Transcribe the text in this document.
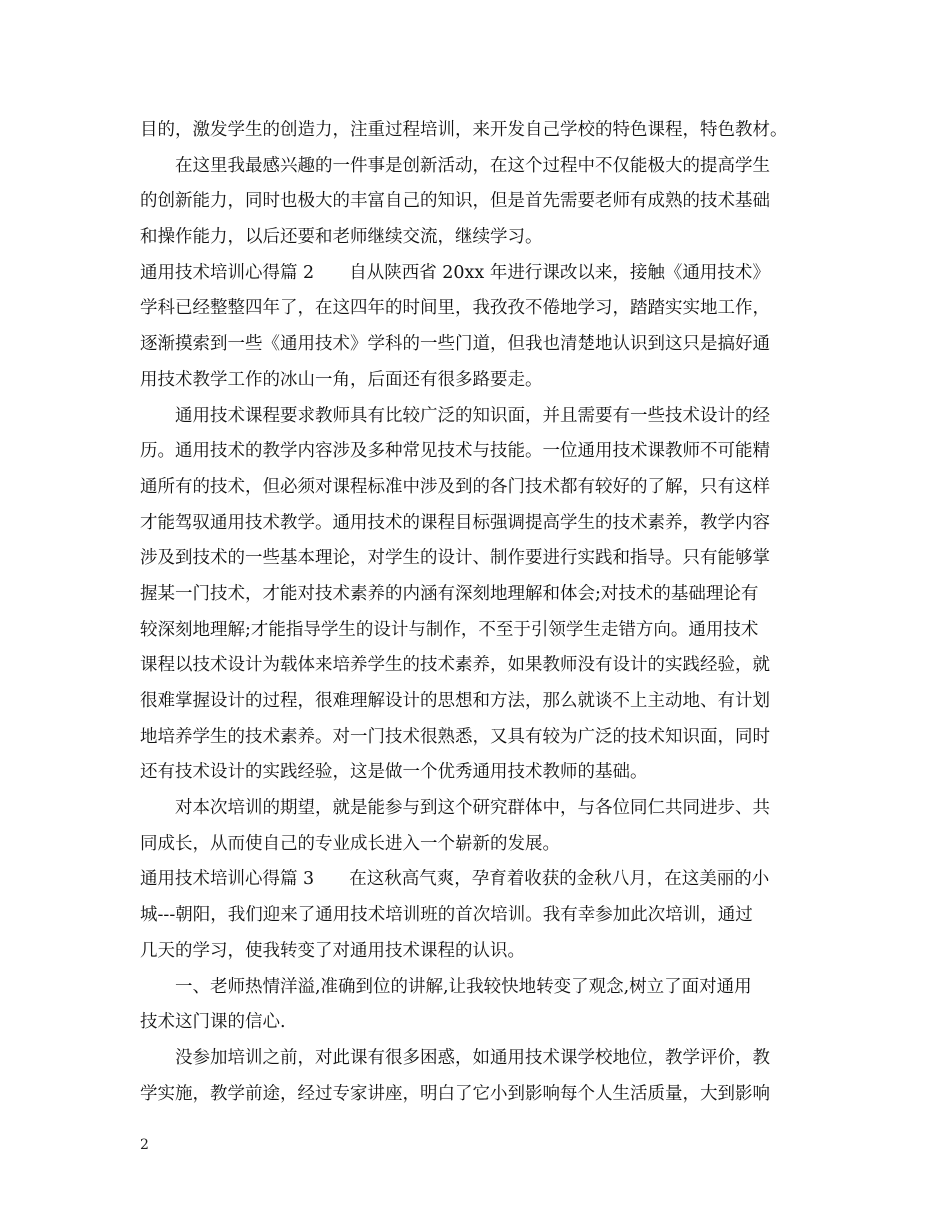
目的，激发学生的创造力，注重过程培训，来开发自己学校的特色课程，特色教材。
在这里我最感兴趣的一件事是创新活动，在这个过程中不仅能极大的提高学生
的创新能力，同时也极大的丰富自己的知识，但是首先需要老师有成熟的技术基础
和操作能力，以后还要和老师继续交流，继续学习。
通用技术培训心得篇 2　　自从陕西省 20xx 年进行课改以来，接触《通用技术》
学科已经整整四年了，在这四年的时间里，我孜孜不倦地学习，踏踏实实地工作，
逐渐摸索到一些《通用技术》学科的一些门道，但我也清楚地认识到这只是搞好通
用技术教学工作的冰山一角，后面还有很多路要走。
通用技术课程要求教师具有比较广泛的知识面，并且需要有一些技术设计的经
历。通用技术的教学内容涉及多种常见技术与技能。一位通用技术课教师不可能精
通所有的技术，但必须对课程标准中涉及到的各门技术都有较好的了解，只有这样
才能驾驭通用技术教学。通用技术的课程目标强调提高学生的技术素养，教学内容
涉及到技术的一些基本理论，对学生的设计、制作要进行实践和指导。只有能够掌
握某一门技术，才能对技术素养的内涵有深刻地理解和体会;对技术的基础理论有
较深刻地理解;才能指导学生的设计与制作，不至于引领学生走错方向。通用技术
课程以技术设计为载体来培养学生的技术素养，如果教师没有设计的实践经验，就
很难掌握设计的过程，很难理解设计的思想和方法，那么就谈不上主动地、有计划
地培养学生的技术素养。对一门技术很熟悉，又具有较为广泛的技术知识面，同时
还有技术设计的实践经验，这是做一个优秀通用技术教师的基础。
对本次培训的期望，就是能参与到这个研究群体中，与各位同仁共同进步、共
同成长，从而使自己的专业成长进入一个崭新的发展。
通用技术培训心得篇 3　　在这秋高气爽，孕育着收获的金秋八月，在这美丽的小
城---朝阳，我们迎来了通用技术培训班的首次培训。我有幸参加此次培训，通过
几天的学习，使我转变了对通用技术课程的认识。
一、老师热情洋溢,准确到位的讲解,让我较快地转变了观念,树立了面对通用
技术这门课的信心.
没参加培训之前，对此课有很多困惑，如通用技术课学校地位，教学评价，教
学实施，教学前途，经过专家讲座，明白了它小到影响每个人生活质量，大到影响
2
